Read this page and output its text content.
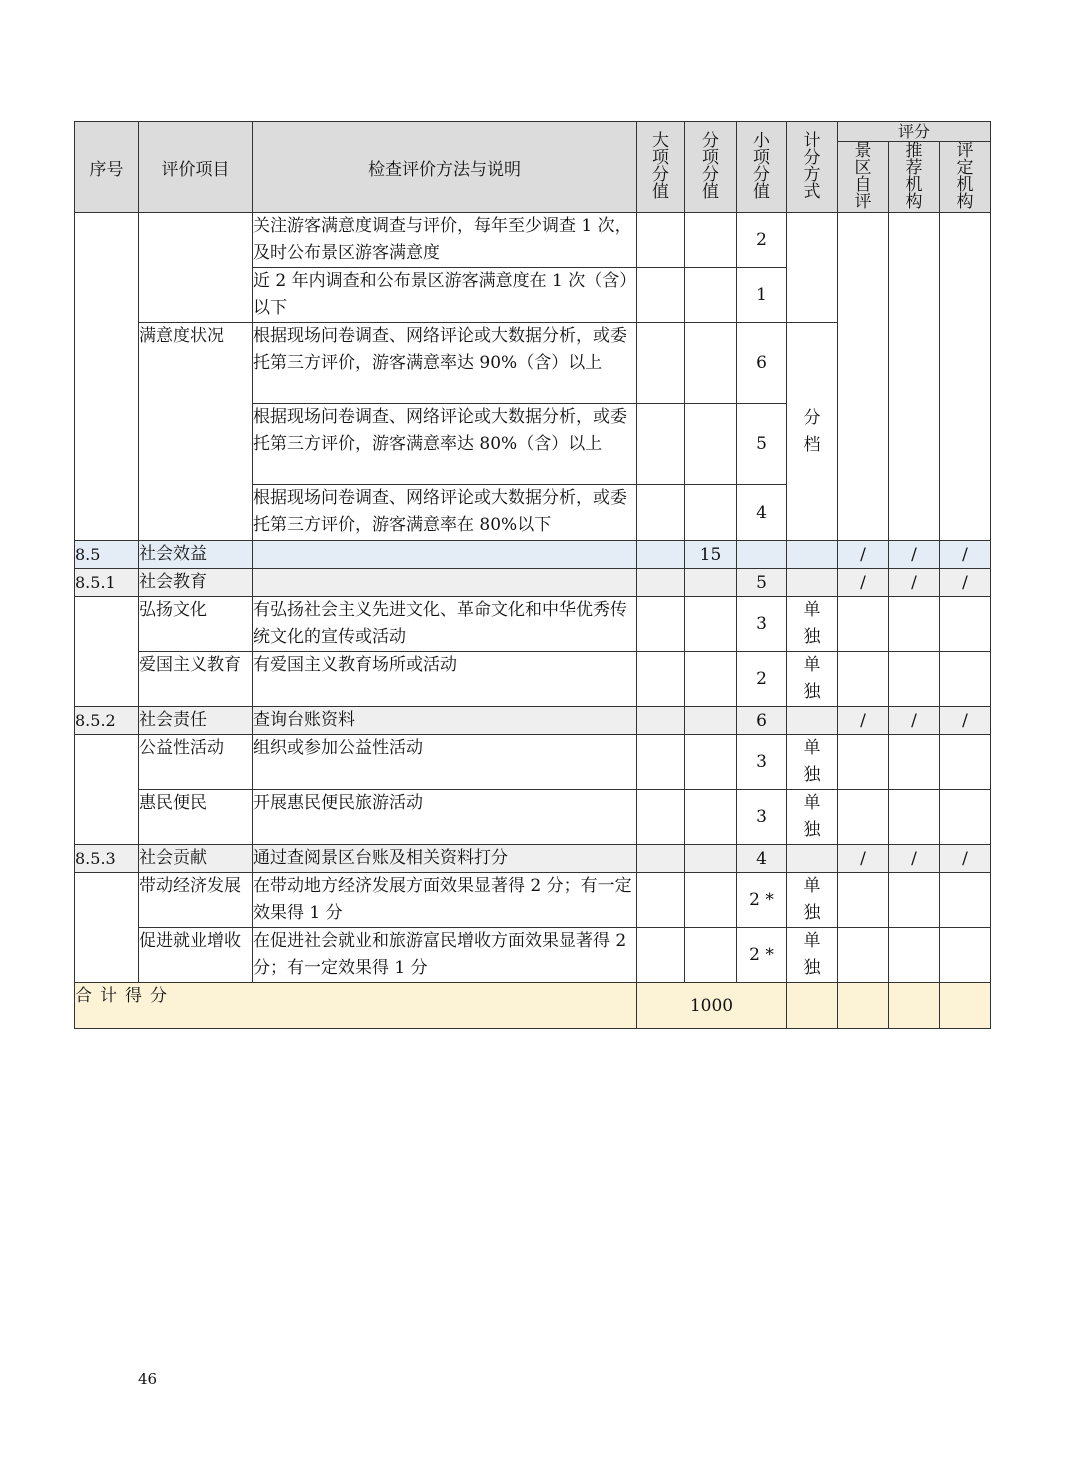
序号	评价项目	检查评价方法与说明	大项分值	分项分值	小项分值	计分方式	评分		
							景区自评	推荐机构	评定机构
		关注游客满意度调查与评价，每年至少调查 1 次，及时公布景区游客满意度			2				
		近 2 年内调查和公布景区游客满意度在 1 次（含）以下			1				
	满意度状况	根据现场问卷调查、网络评论或大数据分析，或委托第三方评价，游客满意率达 90%（含）以上			6	分档			
		根据现场问卷调查、网络评论或大数据分析，或委托第三方评价，游客满意率达 80%（含）以上			5				
		根据现场问卷调查、网络评论或大数据分析，或委托第三方评价，游客满意率在 80%以下			4				
8.5	社会效益			15			/	/	/
8.5.1	社会教育				5		/	/	/
	弘扬文化	有弘扬社会主义先进文化、革命文化和中华优秀传统文化的宣传或活动			3	单独			
	爱国主义教育	有爱国主义教育场所或活动			2	单独			
8.5.2	社会责任	查询台账资料			6		/	/	/
	公益性活动	组织或参加公益性活动			3	单独			
	惠民便民	开展惠民便民旅游活动			3	单独			
8.5.3	社会贡献	通过查阅景区台账及相关资料打分			4		/	/	/
	带动经济发展	在带动地方经济发展方面效果显著得 2 分；有一定效果得 1 分			2 *	单独			
	促进就业增收	在促进社会就业和旅游富民增收方面效果显著得 2 分；有一定效果得 1 分			2 *	单独			
合计得分			1000						
46
